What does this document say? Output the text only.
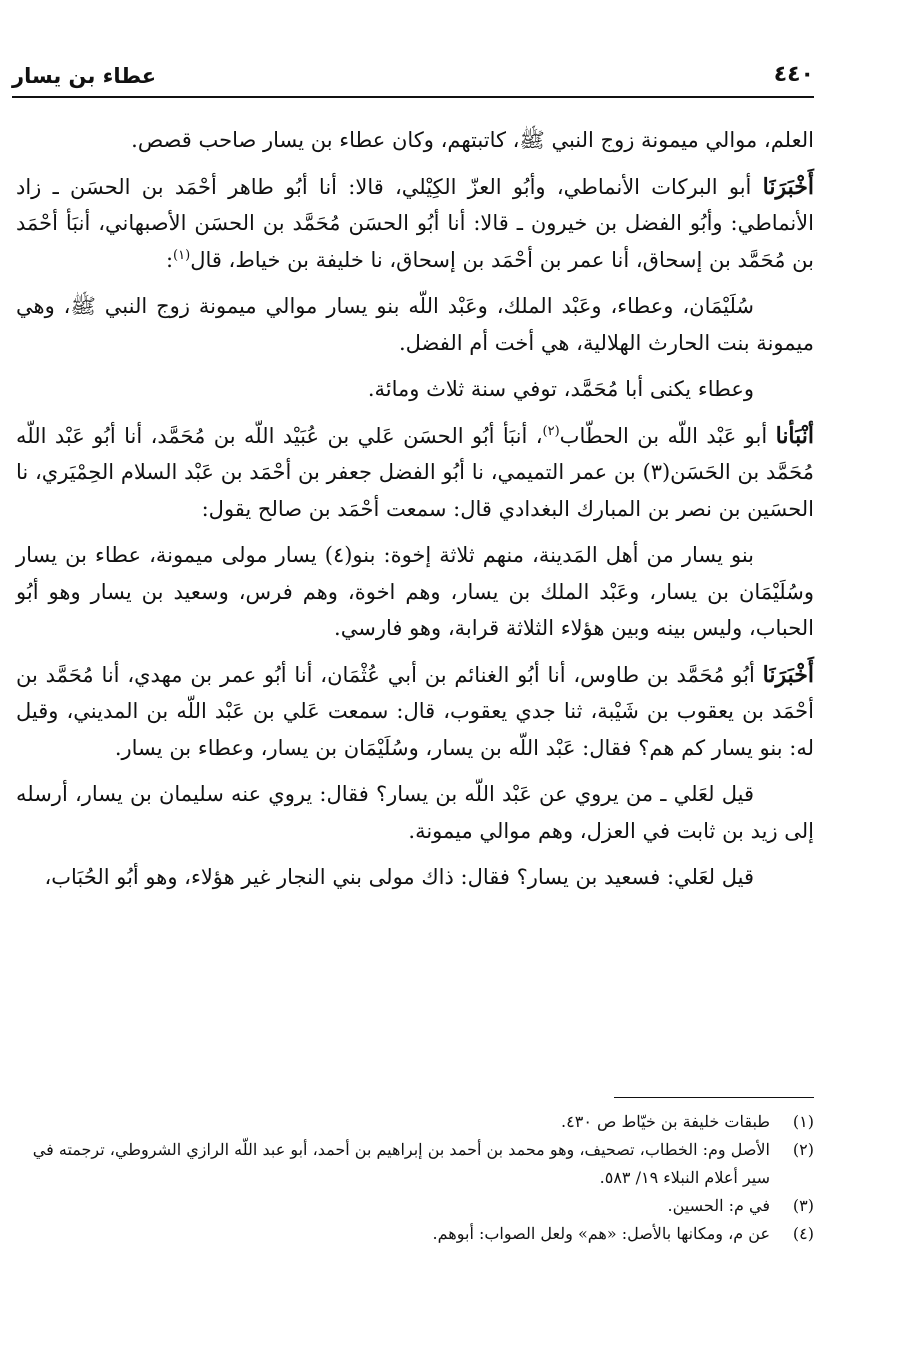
٤٤٠
عطاء بن يسار

العلم، موالي ميمونة زوج النبي ﷺ، كاتبتهم، وكان عطاء بن يسار صاحب قصص.

أَخْبَرَنَا أبو البركات الأنماطي، وأبُو العزّ الكِيْلي، قالا: أنا أبُو طاهر أحْمَد بن الحسَن ـ زاد الأنماطي: وأبُو الفضل بن خيرون ـ قالا: أنا أبُو الحسَن مُحَمَّد بن الحسَن الأصبهاني، أنبَأ أحْمَد بن مُحَمَّد بن إسحاق، أنا عمر بن أحْمَد بن إسحاق، نا خليفة بن خياط، قال$^{(١)}$:

سُلَيْمَان، وعطاء، وعَبْد الملك، وعَبْد اللّه بنو يسار موالي ميمونة زوج النبي ﷺ، وهي ميمونة بنت الحارث الهلالية، هي أخت أم الفضل.

وعطاء يكنى أبا مُحَمَّد، توفي سنة ثلاث ومائة.

أنْبَأنا أبو عَبْد اللّه بن الحطّاب$^{(٢)}$، أنبَأ أبُو الحسَن عَلي بن عُبَيْد اللّه بن مُحَمَّد، أنا أبُو عَبْد اللّه مُحَمَّد بن الحَسَن(٣) بن عمر التميمي، نا أبُو الفضل جعفر بن أحْمَد بن عَبْد السلام الحِمْيَري، نا الحسَين بن نصر بن المبارك البغدادي قال: سمعت أحْمَد بن صالح يقول:

بنو يسار من أهل المَدينة، منهم ثلاثة إخوة: بنو(٤) يسار مولى ميمونة، عطاء بن يسار وسُلَيْمَان بن يسار، وعَبْد الملك بن يسار، وهم اخوة، وهم فرس، وسعيد بن يسار وهو أبُو الحباب، وليس بينه وبين هؤلاء الثلاثة قرابة، وهو فارسي.

أَخْبَرَنَا أبُو مُحَمَّد بن طاوس، أنا أبُو الغنائم بن أبي عُثْمَان، أنا أبُو عمر بن مهدي، أنا مُحَمَّد بن أحْمَد بن يعقوب بن شَيْبة، ثنا جدي يعقوب، قال: سمعت عَلي بن عَبْد اللّه بن المديني، وقيل له: بنو يسار كم هم؟ فقال: عَبْد اللّه بن يسار، وسُلَيْمَان بن يسار، وعطاء بن يسار.

قيل لعَلي ـ من يروي عن عَبْد اللّه بن يسار؟ فقال: يروي عنه سليمان بن يسار، أرسله إلى زيد بن ثابت في العزل، وهم موالي ميمونة.

قيل لعَلي: فسعيد بن يسار؟ فقال: ذاك مولى بني النجار غير هؤلاء، وهو أبُو الحُبَاب،

(١)
طبقات خليفة بن خيّاط ص ٤٣٠.
(٢)
الأصل وم: الخطاب، تصحيف، وهو محمد بن أحمد بن إبراهيم بن أحمد، أبو عبد اللّه الرازي الشروطي، ترجمته في سير أعلام النبلاء ١٩/ ٥٨٣.
(٣)
في م: الحسين.
(٤)
عن م، ومكانها بالأصل: «هم» ولعل الصواب: أبوهم.
